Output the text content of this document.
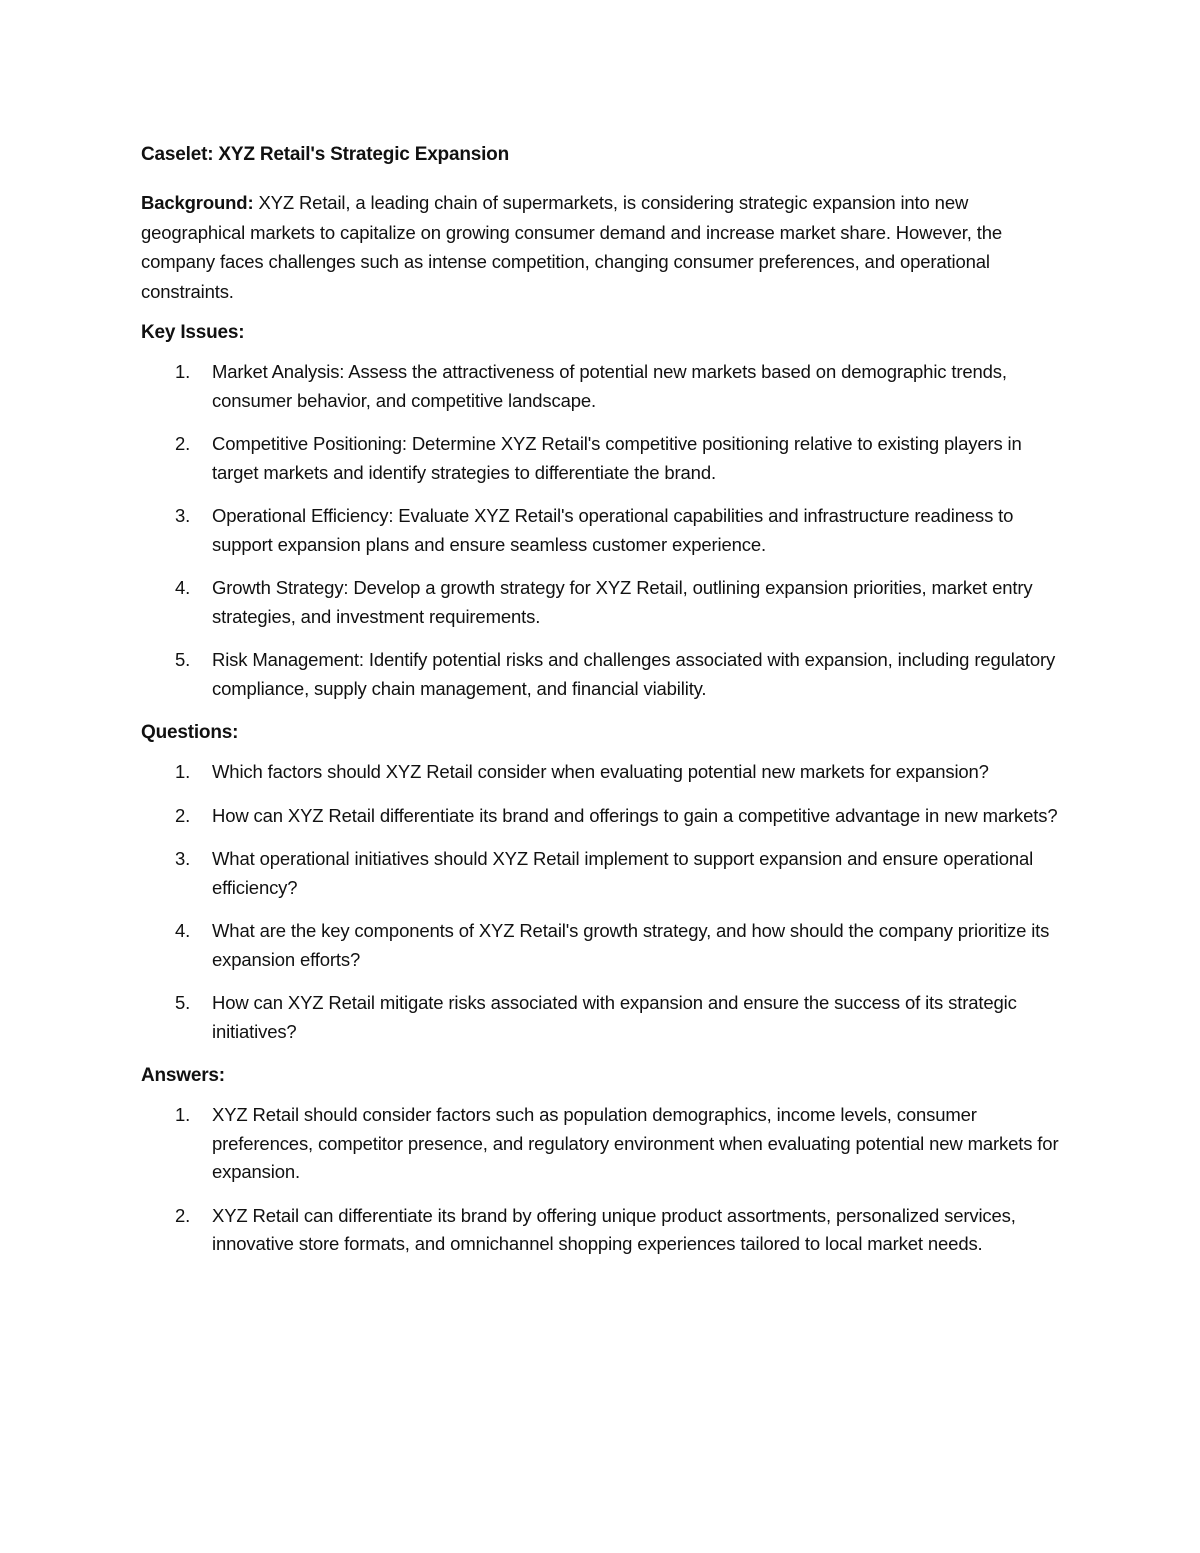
Caselet: XYZ Retail's Strategic Expansion

Background: XYZ Retail, a leading chain of supermarkets, is considering strategic expansion into new geographical markets to capitalize on growing consumer demand and increase market share. However, the company faces challenges such as intense competition, changing consumer preferences, and operational constraints.

Key Issues:
1. Market Analysis: Assess the attractiveness of potential new markets based on demographic trends, consumer behavior, and competitive landscape.
2. Competitive Positioning: Determine XYZ Retail's competitive positioning relative to existing players in target markets and identify strategies to differentiate the brand.
3. Operational Efficiency: Evaluate XYZ Retail's operational capabilities and infrastructure readiness to support expansion plans and ensure seamless customer experience.
4. Growth Strategy: Develop a growth strategy for XYZ Retail, outlining expansion priorities, market entry strategies, and investment requirements.
5. Risk Management: Identify potential risks and challenges associated with expansion, including regulatory compliance, supply chain management, and financial viability.
Questions:
1. Which factors should XYZ Retail consider when evaluating potential new markets for expansion?
2. How can XYZ Retail differentiate its brand and offerings to gain a competitive advantage in new markets?
3. What operational initiatives should XYZ Retail implement to support expansion and ensure operational efficiency?
4. What are the key components of XYZ Retail's growth strategy, and how should the company prioritize its expansion efforts?
5. How can XYZ Retail mitigate risks associated with expansion and ensure the success of its strategic initiatives?
Answers:
1. XYZ Retail should consider factors such as population demographics, income levels, consumer preferences, competitor presence, and regulatory environment when evaluating potential new markets for expansion.
2. XYZ Retail can differentiate its brand by offering unique product assortments, personalized services, innovative store formats, and omnichannel shopping experiences tailored to local market needs.
